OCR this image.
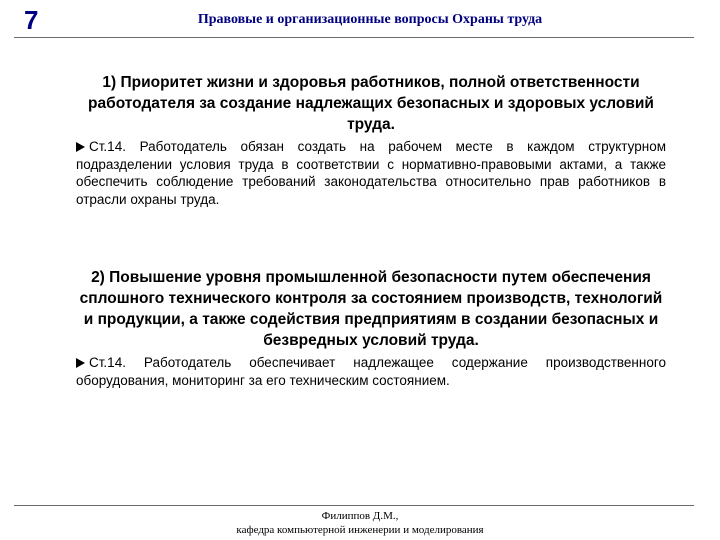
7	Правовые и организационные вопросы Охраны труда

1) Приоритет жизни и здоровья работников, полной ответственности работодателя за создание надлежащих безопасных и здоровых условий труда.

Ст.14. Работодатель обязан создать на рабочем месте в каждом структурном подразделении условия труда в соответствии с нормативно-правовыми актами, а также обеспечить соблюдение требований законодательства относительно прав работников в отрасли охраны труда.

2) Повышение уровня промышленной безопасности путем обеспечения сплошного технического контроля за состоянием производств, технологий и продукции, а также содействия предприятиям в создании безопасных и безвредных условий труда.

Ст.14. Работодатель обеспечивает надлежащее содержание производственного оборудования, мониторинг за его техническим состоянием.

Филиппов Д.М.,
кафедра компьютерной инженерии и моделирования
